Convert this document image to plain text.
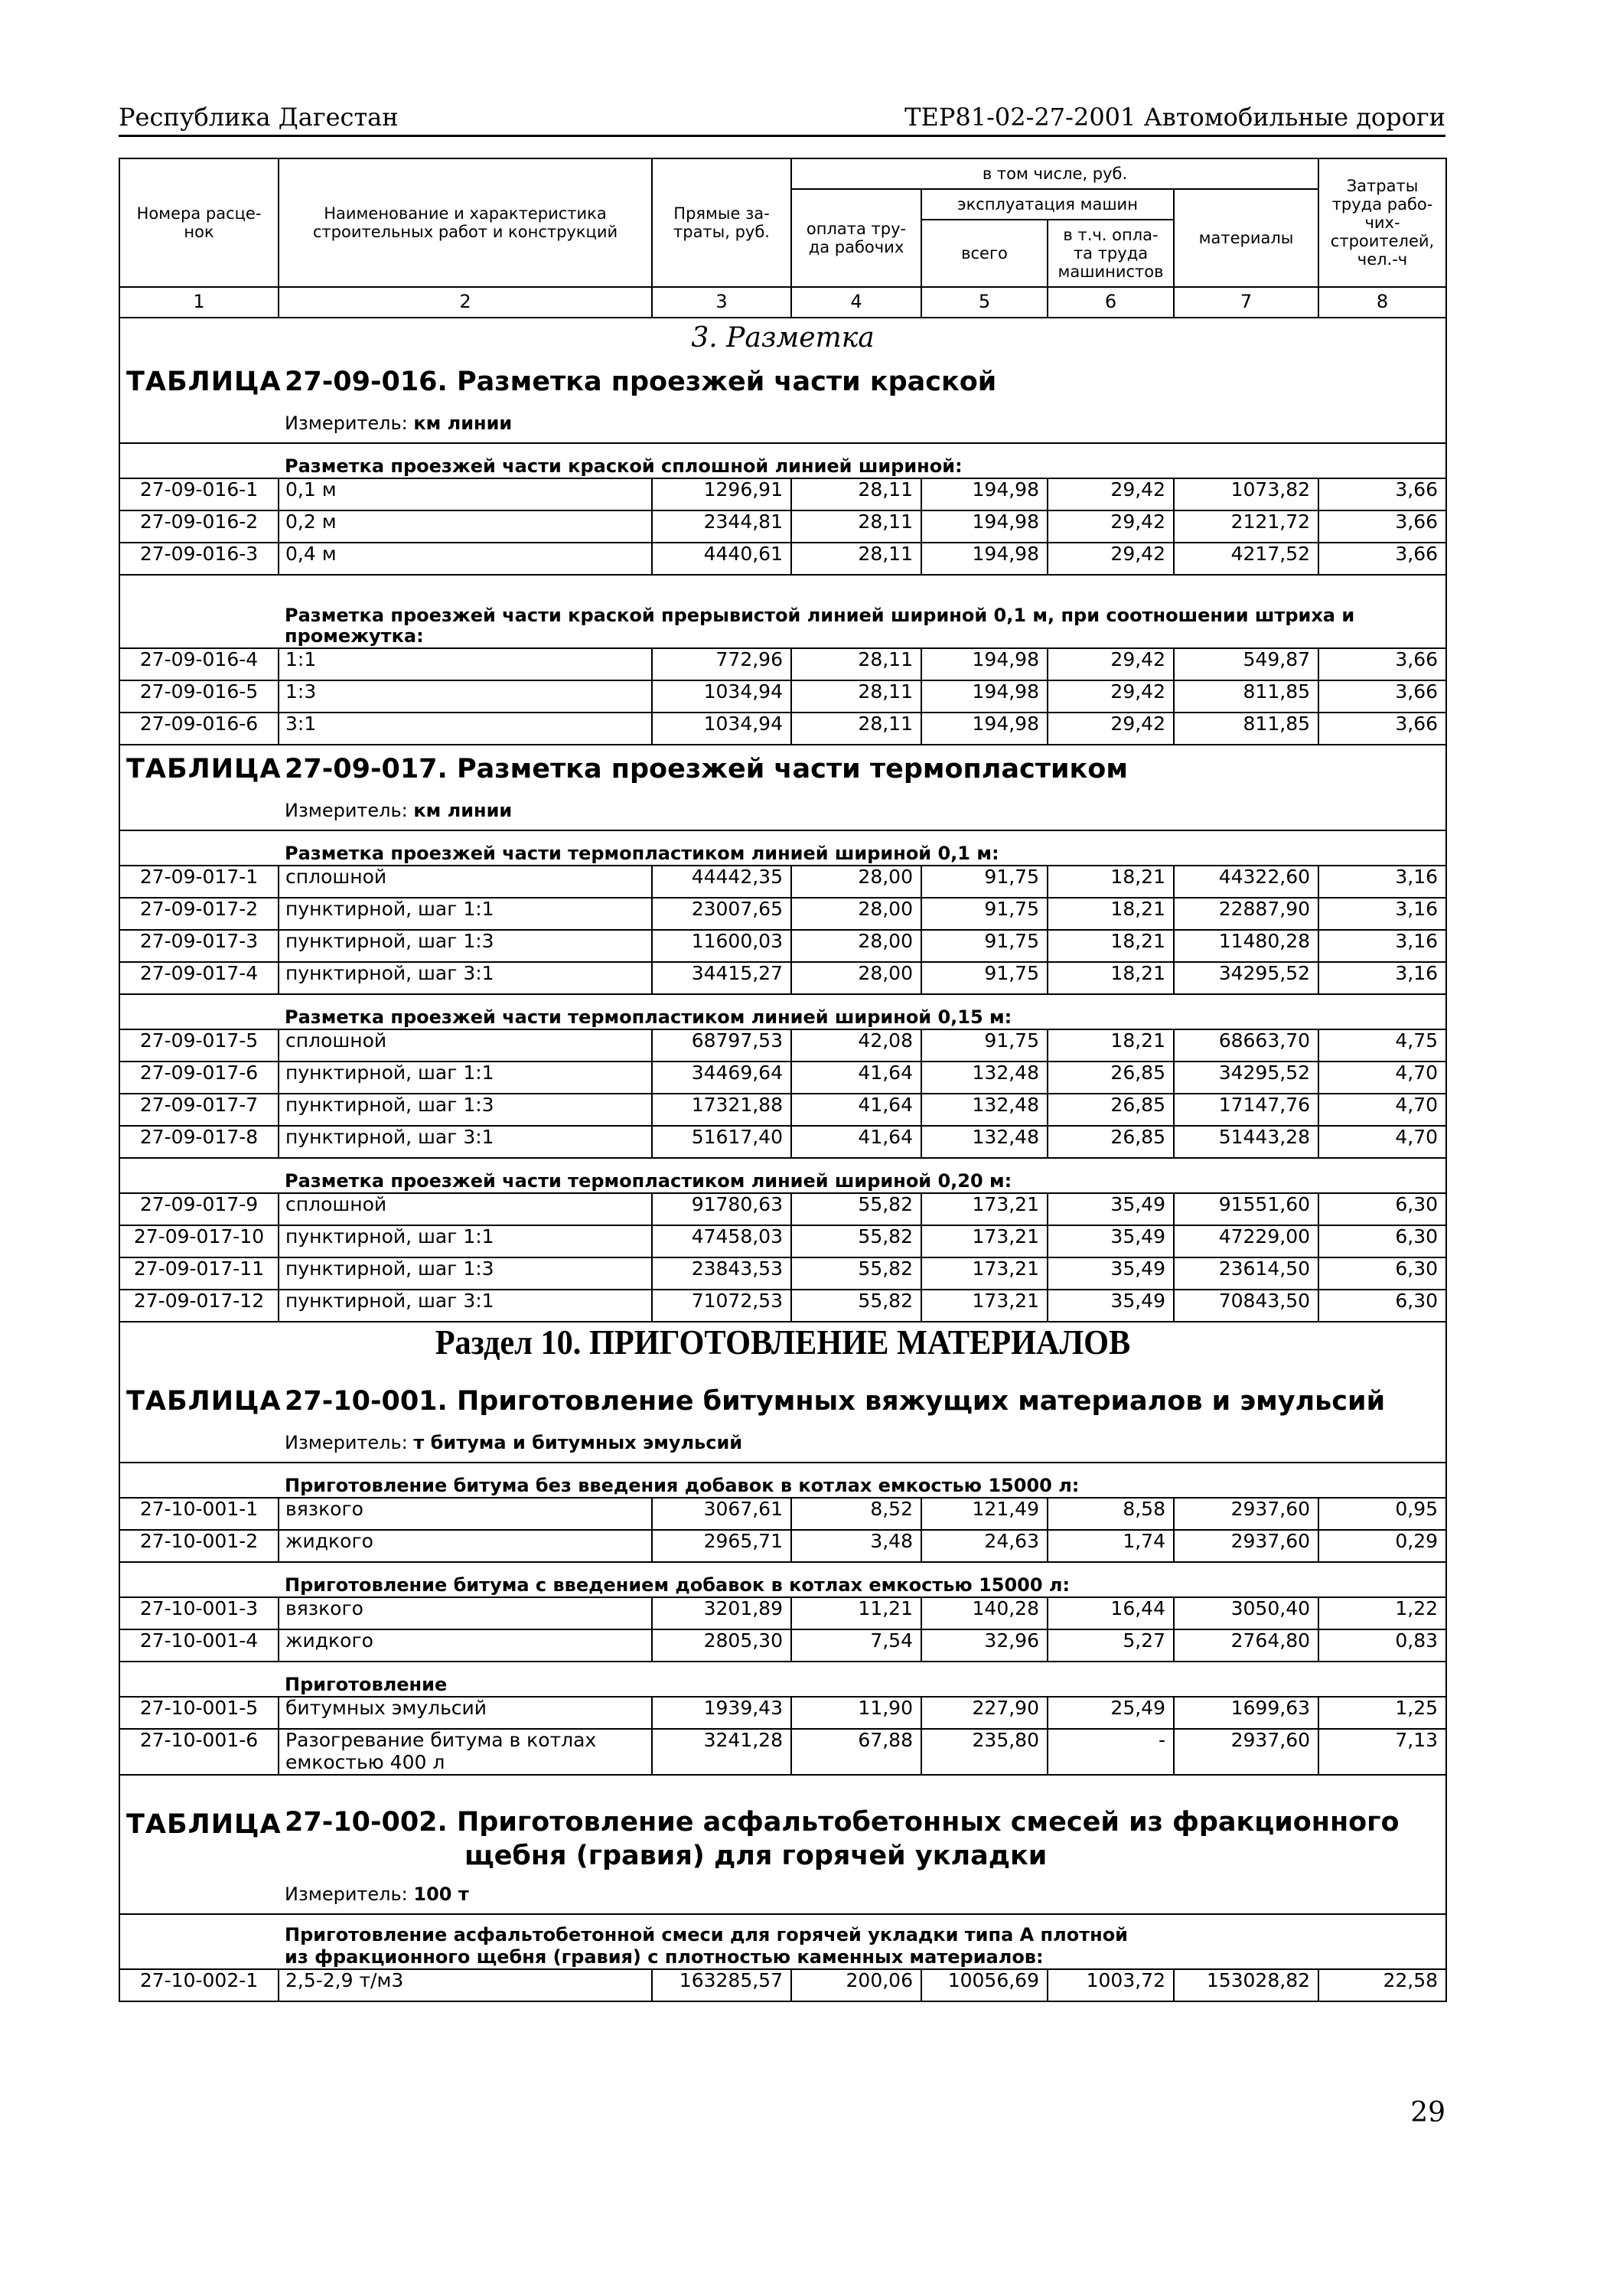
Республика Дагестан	ТЕР81-02-27-2001 Автомобильные дороги
Номера расце-нок	Наименование и характеристика строительных работ и конструкций	Прямые за-траты, руб.	в том числе, руб.				Затраты труда рабо-чих-строителей, чел.-ч
			оплата тру-да рабочих	эксплуатация машин		материалы	
				всего	в т.ч. опла-та труда машинистов		
1	2	3	4	5	6	7	8
3. Разметка							
ТАБЛИЦА	27-09-016. Разметка проезжей части краской						
	Измеритель: км линии						
	Разметка проезжей части краской сплошной линией шириной:						
27-09-016-1	0,1 м	1296,91	28,11	194,98	29,42	1073,82	3,66
27-09-016-2	0,2 м	2344,81	28,11	194,98	29,42	2121,72	3,66
27-09-016-3	0,4 м	4440,61	28,11	194,98	29,42	4217,52	3,66

	Разметка проезжей части краской прерывистой линией шириной 0,1 м, при соотношении штриха и промежутка:						
27-09-016-4	1:1	772,96	28,11	194,98	29,42	549,87	3,66
27-09-016-5	1:3	1034,94	28,11	194,98	29,42	811,85	3,66
27-09-016-6	3:1	1034,94	28,11	194,98	29,42	811,85	3,66
ТАБЛИЦА	27-09-017. Разметка проезжей части термопластиком						
	Измеритель: км линии						
	Разметка проезжей части термопластиком линией шириной 0,1 м:						
27-09-017-1	сплошной	44442,35	28,00	91,75	18,21	44322,60	3,16
27-09-017-2	пунктирной, шаг 1:1	23007,65	28,00	91,75	18,21	22887,90	3,16
27-09-017-3	пунктирной, шаг 1:3	11600,03	28,00	91,75	18,21	11480,28	3,16
27-09-017-4	пунктирной, шаг 3:1	34415,27	28,00	91,75	18,21	34295,52	3,16
	Разметка проезжей части термопластиком линией шириной 0,15 м:						
27-09-017-5	сплошной	68797,53	42,08	91,75	18,21	68663,70	4,75
27-09-017-6	пунктирной, шаг 1:1	34469,64	41,64	132,48	26,85	34295,52	4,70
27-09-017-7	пунктирной, шаг 1:3	17321,88	41,64	132,48	26,85	17147,76	4,70
27-09-017-8	пунктирной, шаг 3:1	51617,40	41,64	132,48	26,85	51443,28	4,70
	Разметка проезжей части термопластиком линией шириной 0,20 м:						
27-09-017-9	сплошной	91780,63	55,82	173,21	35,49	91551,60	6,30
27-09-017-10	пунктирной, шаг 1:1	47458,03	55,82	173,21	35,49	47229,00	6,30
27-09-017-11	пунктирной, шаг 1:3	23843,53	55,82	173,21	35,49	23614,50	6,30
27-09-017-12	пунктирной, шаг 3:1	71072,53	55,82	173,21	35,49	70843,50	6,30

Раздел 10. ПРИГОТОВЛЕНИЕ МАТЕРИАЛОВ							

ТАБЛИЦА	27-10-001. Приготовление битумных вяжущих материалов и эмульсий						
	Измеритель: т битума и битумных эмульсий						
	Приготовление битума без введения добавок в котлах емкостью 15000 л:						
27-10-001-1	вязкого	3067,61	8,52	121,49	8,58	2937,60	0,95
27-10-001-2	жидкого	2965,71	3,48	24,63	1,74	2937,60	0,29
	Приготовление битума с введением добавок в котлах емкостью 15000 л:						
27-10-001-3	вязкого	3201,89	11,21	140,28	16,44	3050,40	1,22
27-10-001-4	жидкого	2805,30	7,54	32,96	5,27	2764,80	0,83
	Приготовление						
27-10-001-5	битумных эмульсий	1939,43	11,90	227,90	25,49	1699,63	1,25
27-10-001-6	Разогревание битума в котлах емкостью 400 л	3241,28	67,88	235,80	-	2937,60	7,13

ТАБЛИЦА	27-10-002. Приготовление асфальтобетонных смесей из фракционного
щебня (гравия) для горячей укладки						

	Измеритель: 100 т						

	Приготовление асфальтобетонной смеси для горячей укладки типа А плотной
из фракционного щебня (гравия) с плотностью каменных материалов:						

27-10-002-1	2,5-2,9 т/м3	163285,57	200,06	10056,69	1003,72	153028,82	22,58
29
